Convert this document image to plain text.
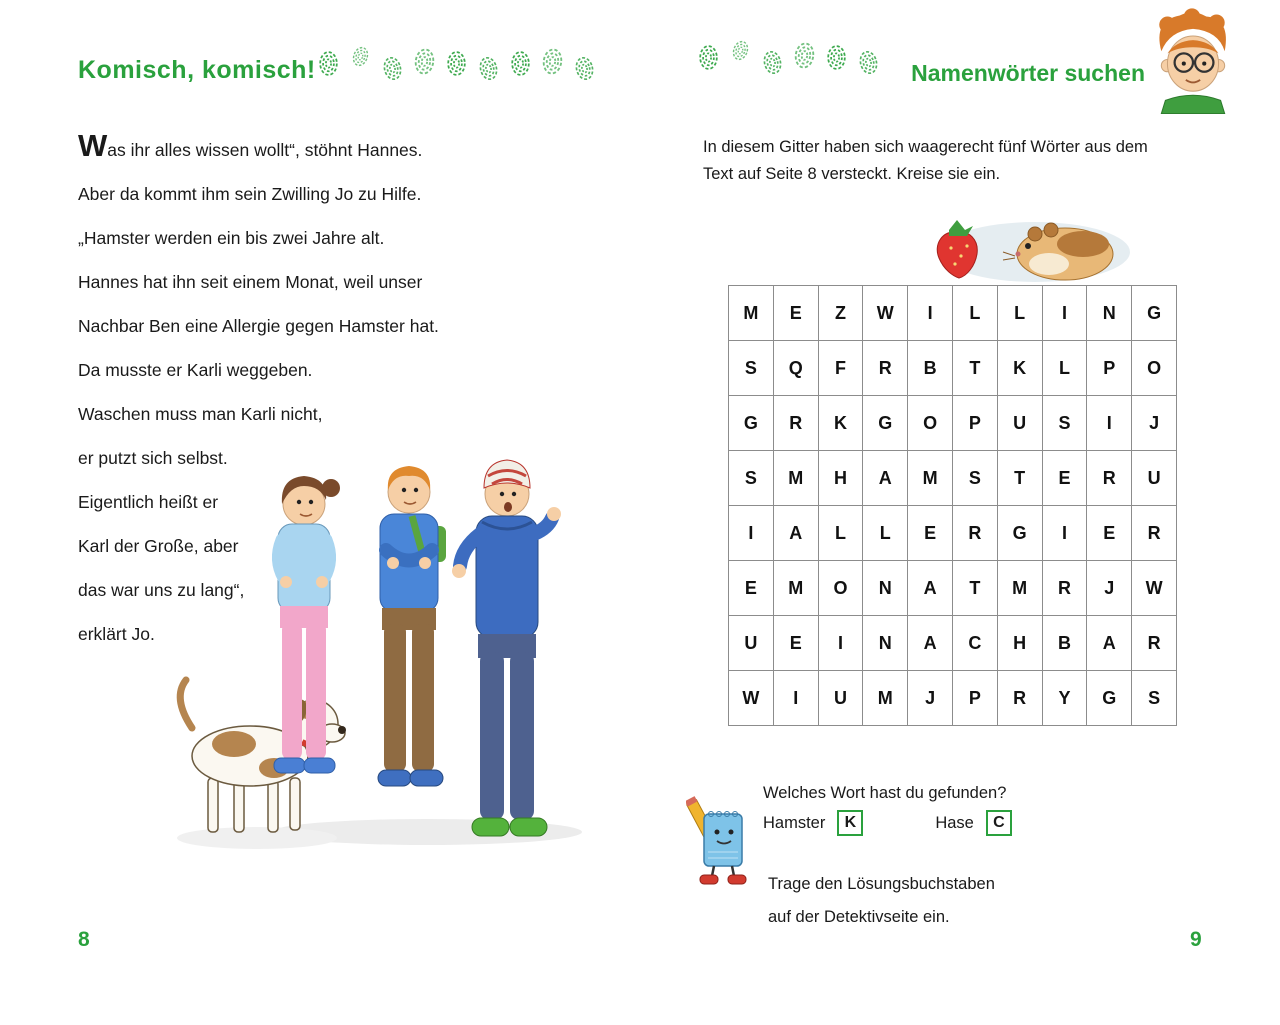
Komisch, komisch!
Was ihr alles wissen wollt“, stöhnt Hannes.
Aber da kommt ihm sein Zwilling Jo zu Hilfe.
„Hamster werden ein bis zwei Jahre alt.
Hannes hat ihn seit einem Monat, weil unser
Nachbar Ben eine Allergie gegen Hamster hat.
Da musste er Karli weggeben.
Waschen muss man Karli nicht,
er putzt sich selbst.
Eigentlich heißt er
Karl der Große, aber
das war uns zu lang“,
erklärt Jo.
8
Namenwörter suchen
In diesem Gitter haben sich waagerecht fünf Wörter aus dem
Text auf Seite 8 versteckt. Kreise sie ein.
M	E	Z	W	I	L	L	I	N	G
S	Q	F	R	B	T	K	L	P	O
G	R	K	G	O	P	U	S	I	J
S	M	H	A	M	S	T	E	R	U
I	A	L	L	E	R	G	I	E	R
E	M	O	N	A	T	M	R	J	W
U	E	I	N	A	C	H	B	A	R
W	I	U	M	J	P	R	Y	G	S
Welches Wort hast du gefunden?
Hamster	K	Hase	C
Trage den Lösungsbuchstaben
auf der Detektivseite ein.
9
